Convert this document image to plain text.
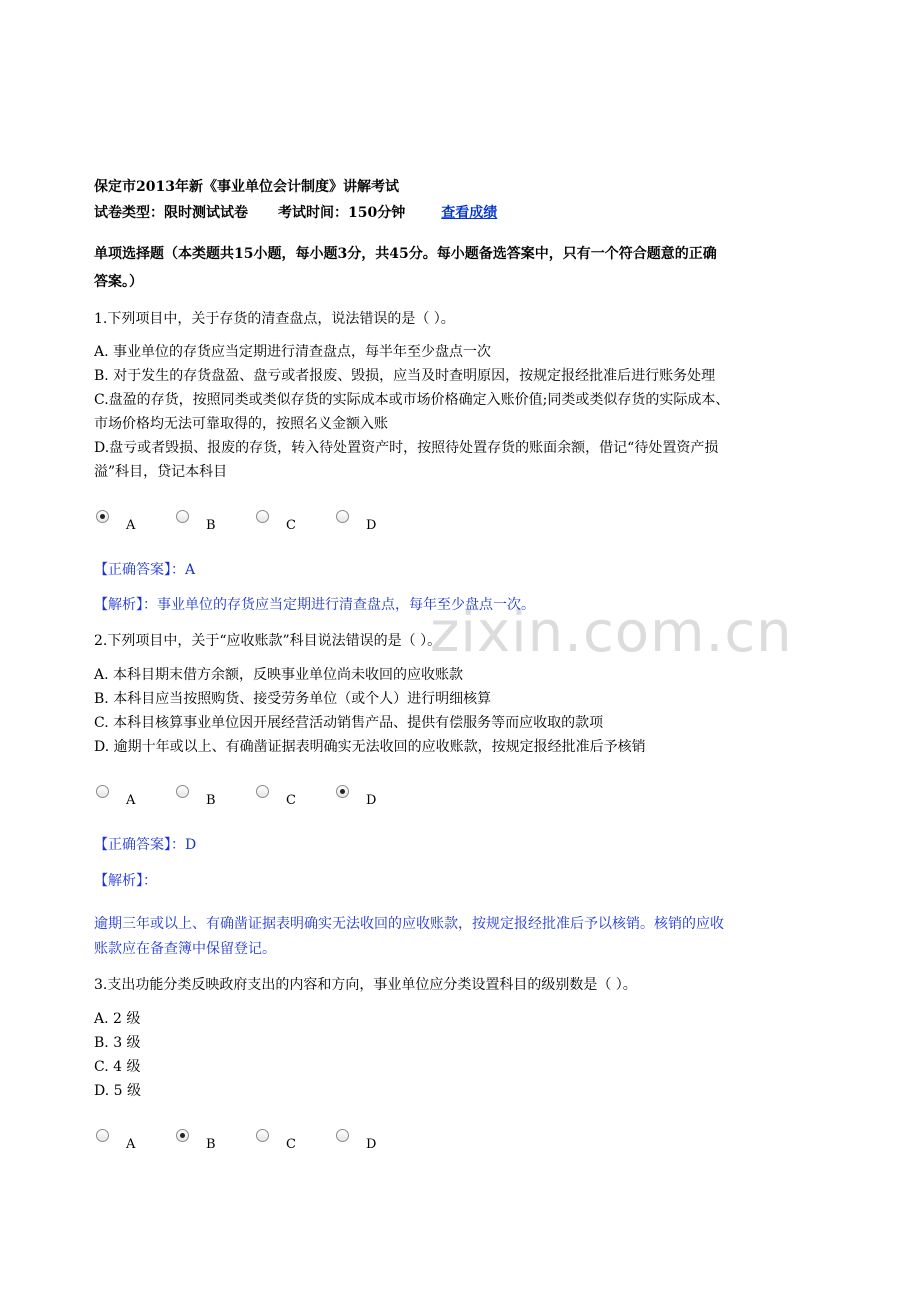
zixin.com.cn
保定市2013年新《事业单位会计制度》讲解考试
试卷类型：限时测试试卷 考试时间：150分钟	查看成绩
单项选择题（本类题共15小题，每小题3分，共45分。每小题备选答案中，只有一个符合题意的正确
答案。）
1.下列项目中，关于存货的清查盘点，说法错误的是（ ）。
A. 事业单位的存货应当定期进行清查盘点，每半年至少盘点一次
B. 对于发生的存货盘盈、盘亏或者报废、毁损，应当及时查明原因，按规定报经批准后进行账务处理
C.盘盈的存货，按照同类或类似存货的实际成本或市场价格确定入账价值;同类或类似存货的实际成本、
市场价格均无法可靠取得的，按照名义金额入账
D.盘亏或者毁损、报废的存货，转入待处置资产时，按照待处置存货的账面余额，借记“待处置资产损
溢”科目，贷记本科目
A	B	C	D
【正确答案】：A
【解析】：事业单位的存货应当定期进行清查盘点，每年至少盘点一次。
2.下列项目中，关于“应收账款”科目说法错误的是（ ）。
A. 本科目期末借方余额，反映事业单位尚未收回的应收账款
B. 本科目应当按照购货、接受劳务单位（或个人）进行明细核算
C. 本科目核算事业单位因开展经营活动销售产品、提供有偿服务等而应收取的款项
D. 逾期十年或以上、有确凿证据表明确实无法收回的应收账款，按规定报经批准后予核销
A	B	C	D
【正确答案】：D
【解析】：
逾期三年或以上、有确凿证据表明确实无法收回的应收账款，按规定报经批准后予以核销。核销的应收
账款应在备查簿中保留登记。
3.支出功能分类反映政府支出的内容和方向，事业单位应分类设置科目的级别数是（ ）。
A. 2 级
B. 3 级
C. 4 级
D. 5 级
A	B	C	D
